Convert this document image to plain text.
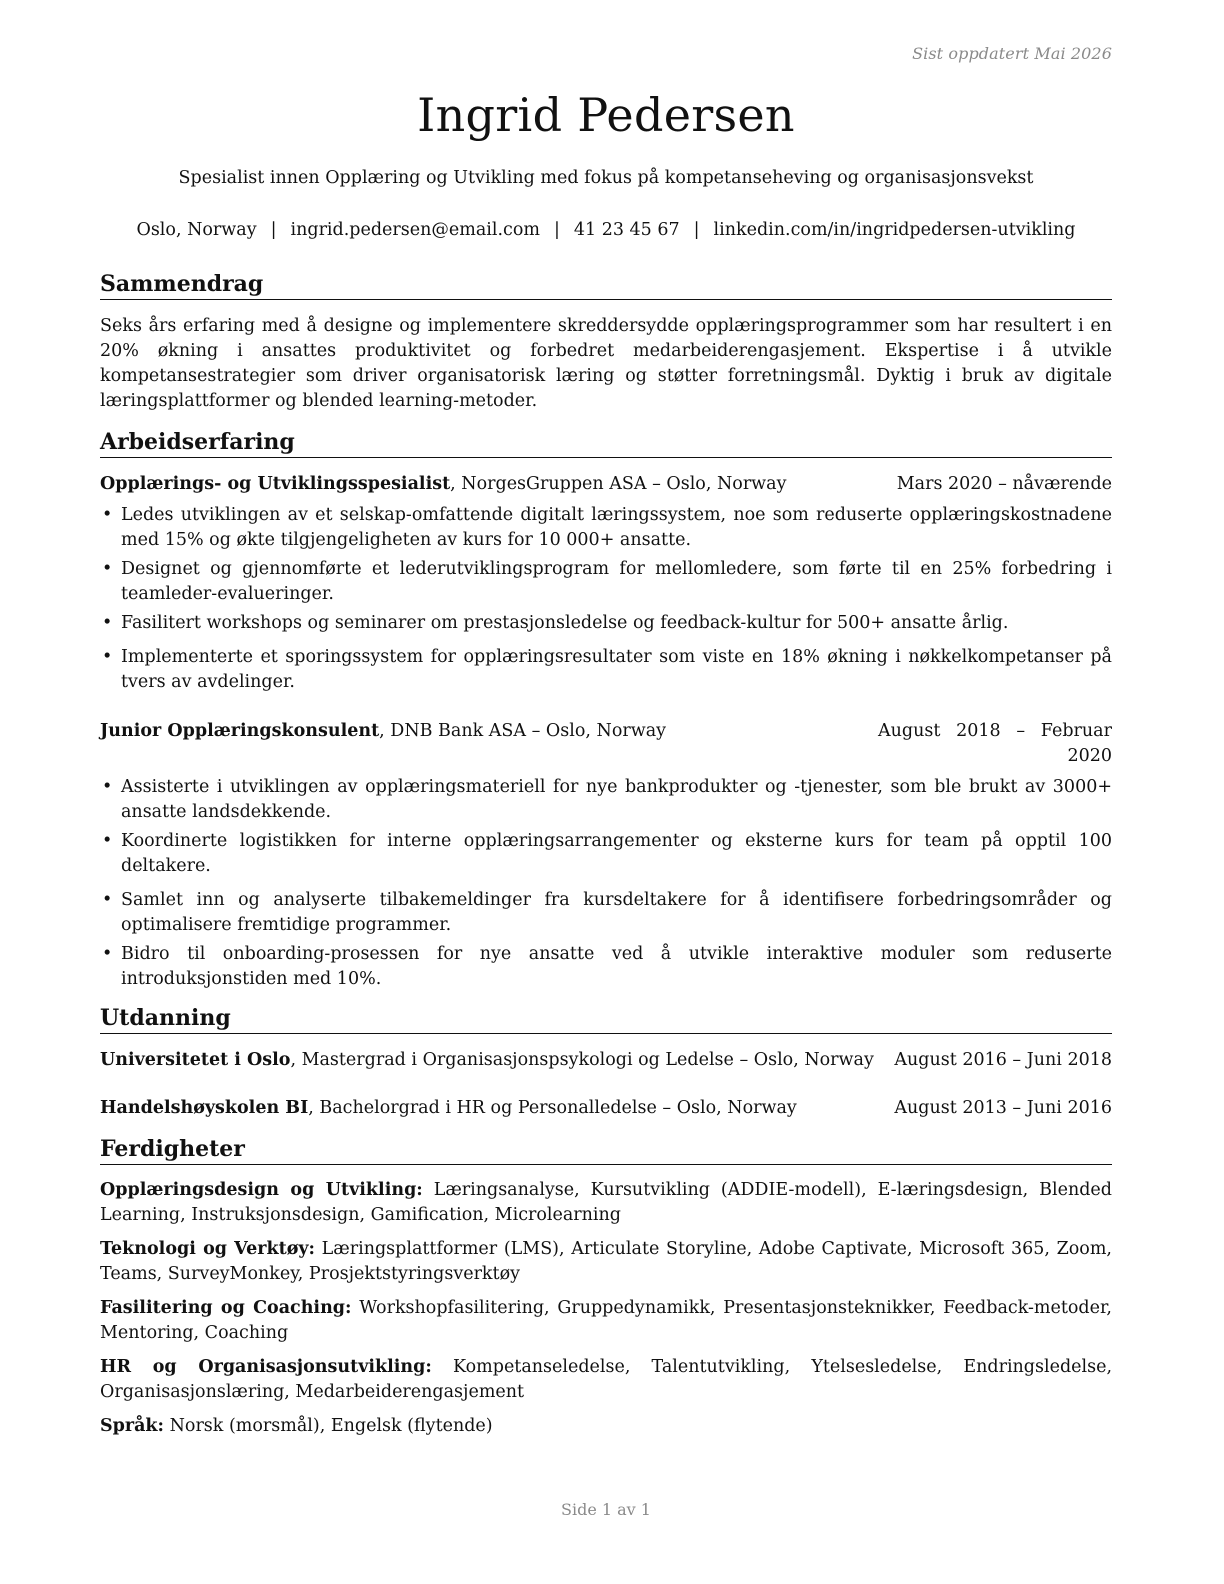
Sist oppdatert Mai 2026
Ingrid Pedersen
Spesialist innen Opplæring og Utvikling med fokus på kompetanseheving og organisasjonsvekst
Oslo, Norway | ingrid.pedersen@email.com | 41 23 45 67 | linkedin.com/in/ingridpedersen-utvikling
Sammendrag

Seks års erfaring med å designe og implementere skreddersydde opplæringsprogrammer som har resultert i en 20% økning i ansattes produktivitet og forbedret medarbeiderengasjement. Ekspertise i å utvikle kompetansestrategier som driver organisatorisk læring og støtter forretningsmål. Dyktig i bruk av digitale læringsplattformer og blended learning-metoder.

Arbeidserfaring
Opplærings- og Utviklingsspesialist, NorgesGruppen ASA – Oslo, Norway	Mars 2020 – nåværende
• Ledes utviklingen av et selskap-omfattende digitalt læringssystem, noe som reduserte opplæringskostnadene med 15% og økte tilgjengeligheten av kurs for 10 000+ ansatte.
• Designet og gjennomførte et lederutviklingsprogram for mellomledere, som førte til en 25% forbedring i teamleder-evalueringer.
• Fasilitert workshops og seminarer om prestasjonsledelse og feedback-kultur for 500+ ansatte årlig.
• Implementerte et sporingssystem for opplæringsresultater som viste en 18% økning i nøkkelkompetanser på tvers av avdelinger.
Junior Opplæringskonsulent, DNB Bank ASA – Oslo, Norway	August 2018 – Februar 2020
• Assisterte i utviklingen av opplæringsmateriell for nye bankprodukter og -tjenester, som ble brukt av 3000+ ansatte landsdekkende.
• Koordinerte logistikken for interne opplæringsarrangementer og eksterne kurs for team på opptil 100 deltakere.
• Samlet inn og analyserte tilbakemeldinger fra kursdeltakere for å identifisere forbedringsområder og optimalisere fremtidige programmer.
• Bidro til onboarding-prosessen for nye ansatte ved å utvikle interaktive moduler som reduserte introduksjonstiden med 10%.
Utdanning
Universitetet i Oslo, Mastergrad i Organisasjonspsykologi og Ledelse – Oslo, Norway August 2016 – Juni 2018
Handelshøyskolen BI, Bachelorgrad i HR og Personalledelse – Oslo, Norway	August 2013 – Juni 2016
Ferdigheter
Opplæringsdesign og Utvikling: Læringsanalyse, Kursutvikling (ADDIE-modell), E-læringsdesign, Blended Learning, Instruksjonsdesign, Gamification, Microlearning
Teknologi og Verktøy: Læringsplattformer (LMS), Articulate Storyline, Adobe Captivate, Microsoft 365, Zoom, Teams, SurveyMonkey, Prosjektstyringsverktøy
Fasilitering og Coaching: Workshopfasilitering, Gruppedynamikk, Presentasjonsteknikker, Feedback-metoder, Mentoring, Coaching
HR og Organisasjonsutvikling: Kompetanseledelse, Talentutvikling, Ytelsesledelse, Endringsledelse, Organisasjonslæring, Medarbeiderengasjement
Språk: Norsk (morsmål), Engelsk (flytende)
Side 1 av 1
